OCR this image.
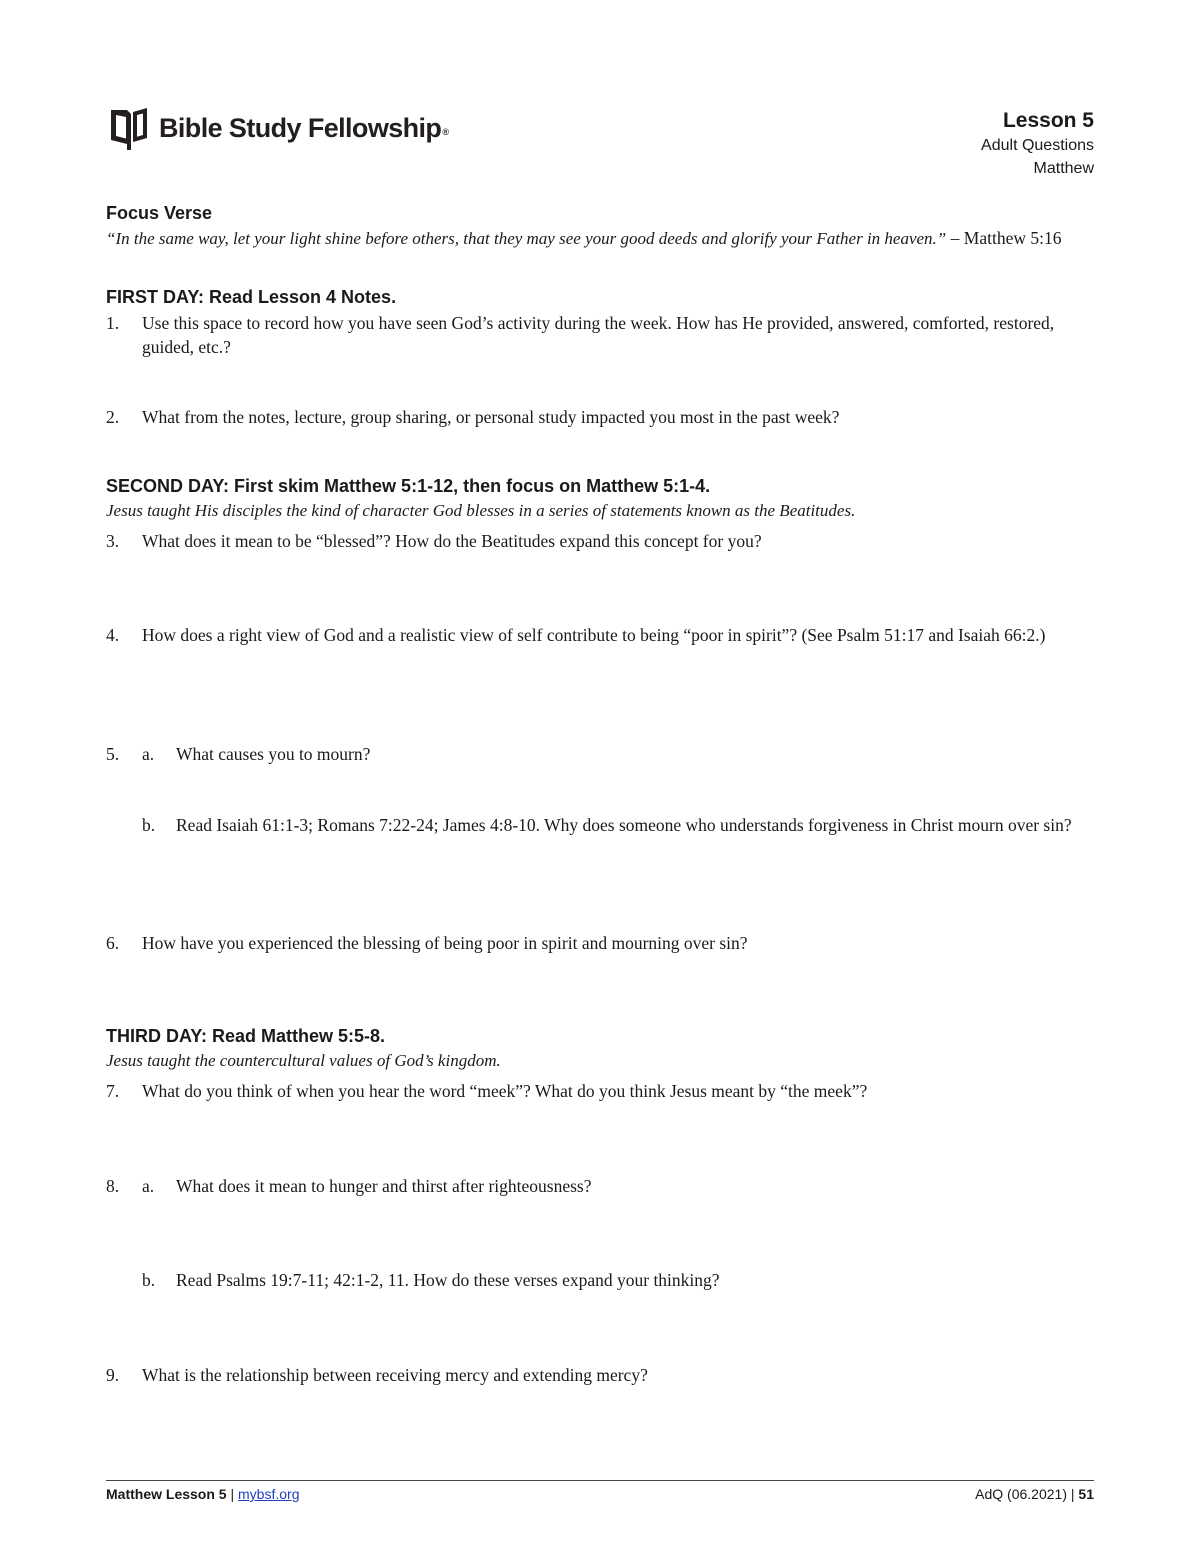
Bible Study Fellowship®	Lesson 5
Adult Questions
Matthew
Focus Verse
“In the same way, let your light shine before others, that they may see your good deeds and glorify your Father in heaven.” – Matthew 5:16
FIRST DAY: Read Lesson 4 Notes.
1. Use this space to record how you have seen God’s activity during the week. How has He provided, answered, comforted, restored, guided, etc.?
2. What from the notes, lecture, group sharing, or personal study impacted you most in the past week?
SECOND DAY: First skim Matthew 5:1-12, then focus on Matthew 5:1-4.
Jesus taught His disciples the kind of character God blesses in a series of statements known as the Beatitudes.
3. What does it mean to be “blessed”? How do the Beatitudes expand this concept for you?
4. How does a right view of God and a realistic view of self contribute to being “poor in spirit”? (See Psalm 51:17 and Isaiah 66:2.)
5. a. What causes you to mourn?
b. Read Isaiah 61:1-3; Romans 7:22-24; James 4:8-10. Why does someone who understands forgiveness in Christ mourn over sin?
6. How have you experienced the blessing of being poor in spirit and mourning over sin?
THIRD DAY: Read Matthew 5:5-8.
Jesus taught the countercultural values of God’s kingdom.
7. What do you think of when you hear the word “meek”? What do you think Jesus meant by “the meek”?
8. a. What does it mean to hunger and thirst after righteousness?
b. Read Psalms 19:7-11; 42:1-2, 11. How do these verses expand your thinking?
9. What is the relationship between receiving mercy and extending mercy?
Matthew Lesson 5 | mybsf.org	AdQ (06.2021) | 51
